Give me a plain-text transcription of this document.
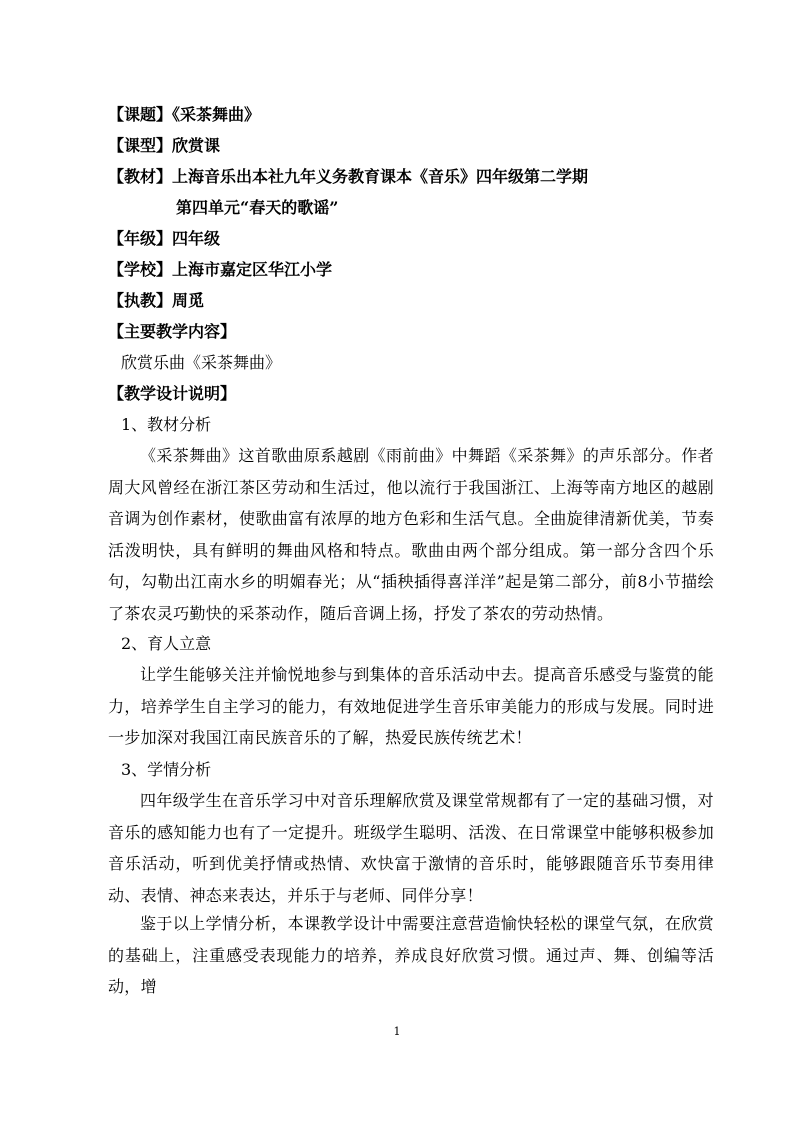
【课题】《采茶舞曲》
【课型】欣赏课
【教材】上海音乐出本社九年义务教育课本《音乐》四年级第二学期
第四单元“春天的歌谣”
【年级】四年级
【学校】上海市嘉定区华江小学
【执教】周觅
【主要教学内容】
欣赏乐曲《采茶舞曲》
【教学设计说明】
1、教材分析
《采茶舞曲》这首歌曲原系越剧《雨前曲》中舞蹈《采茶舞》的声乐部分。作者周大风曾经在浙江茶区劳动和生活过，他以流行于我国浙江、上海等南方地区的越剧音调为创作素材，使歌曲富有浓厚的地方色彩和生活气息。全曲旋律清新优美，节奏活泼明快，具有鲜明的舞曲风格和特点。歌曲由两个部分组成。第一部分含四个乐句，勾勒出江南水乡的明媚春光；从“插秧插得喜洋洋”起是第二部分，前8小节描绘了茶农灵巧勤快的采茶动作，随后音调上扬，抒发了茶农的劳动热情。
2、育人立意
让学生能够关注并愉悦地参与到集体的音乐活动中去。提高音乐感受与鉴赏的能力，培养学生自主学习的能力，有效地促进学生音乐审美能力的形成与发展。同时进一步加深对我国江南民族音乐的了解，热爱民族传统艺术！
3、学情分析
四年级学生在音乐学习中对音乐理解欣赏及课堂常规都有了一定的基础习惯，对音乐的感知能力也有了一定提升。班级学生聪明、活泼、在日常课堂中能够积极参加音乐活动，听到优美抒情或热情、欢快富于激情的音乐时，能够跟随音乐节奏用律动、表情、神态来表达，并乐于与老师、同伴分享！
鉴于以上学情分析，本课教学设计中需要注意营造愉快轻松的课堂气氛，在欣赏的基础上，注重感受表现能力的培养，养成良好欣赏习惯。通过声、舞、创编等活动，增
1
